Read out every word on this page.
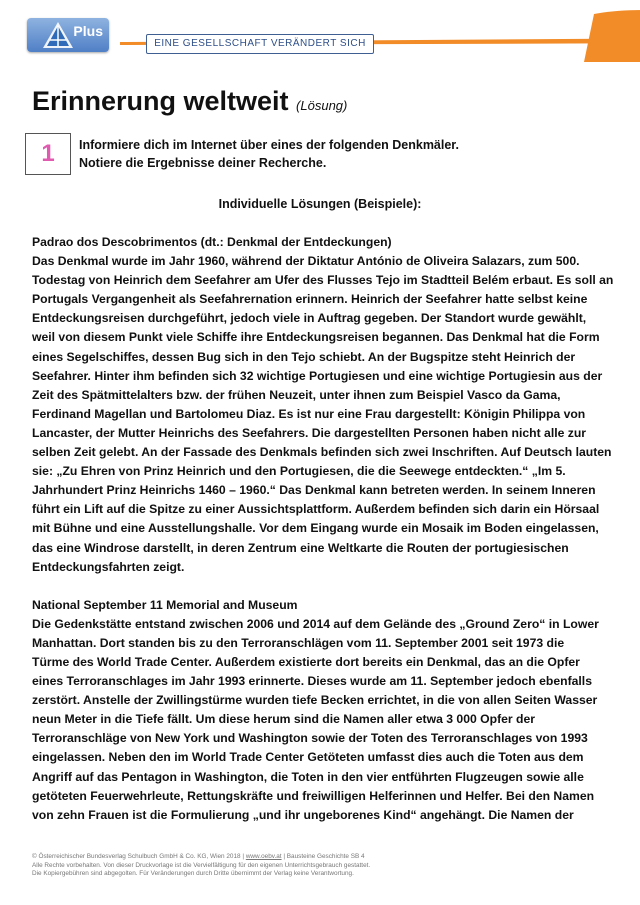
Plus
EINE GESELLSCHAFT VERÄNDERT SICH
Erinnerung weltweit (Lösung)
1	Informiere dich im Internet über eines der folgenden Denkmäler.
Notiere die Ergebnisse deiner Recherche.
Individuelle Lösungen (Beispiele):
Padrao dos Descobrimentos (dt.: Denkmal der Entdeckungen)
Das Denkmal wurde im Jahr 1960, während der Diktatur António de Oliveira Salazars, zum 500.
Todestag von Heinrich dem Seefahrer am Ufer des Flusses Tejo im Stadtteil Belém erbaut. Es soll an
Portugals Vergangenheit als Seefahrernation erinnern. Heinrich der Seefahrer hatte selbst keine
Entdeckungsreisen durchgeführt, jedoch viele in Auftrag gegeben. Der Standort wurde gewählt,
weil von diesem Punkt viele Schiffe ihre Entdeckungsreisen begannen. Das Denkmal hat die Form
eines Segelschiffes, dessen Bug sich in den Tejo schiebt. An der Bugspitze steht Heinrich der
Seefahrer. Hinter ihm befinden sich 32 wichtige Portugiesen und eine wichtige Portugiesin aus der
Zeit des Spätmittelalters bzw. der frühen Neuzeit, unter ihnen zum Beispiel Vasco da Gama,
Ferdinand Magellan und Bartolomeu Diaz. Es ist nur eine Frau dargestellt: Königin Philippa von
Lancaster, der Mutter Heinrichs des Seefahrers. Die dargestellten Personen haben nicht alle zur
selben Zeit gelebt. An der Fassade des Denkmals befinden sich zwei Inschriften. Auf Deutsch lauten
sie: „Zu Ehren von Prinz Heinrich und den Portugiesen, die die Seewege entdeckten.“ „Im 5.
Jahrhundert Prinz Heinrichs 1460 – 1960.“ Das Denkmal kann betreten werden. In seinem Inneren
führt ein Lift auf die Spitze zu einer Aussichtsplattform. Außerdem befinden sich darin ein Hörsaal
mit Bühne und eine Ausstellungshalle. Vor dem Eingang wurde ein Mosaik im Boden eingelassen,
das eine Windrose darstellt, in deren Zentrum eine Weltkarte die Routen der portugiesischen
Entdeckungsfahrten zeigt.
National September 11 Memorial and Museum
Die Gedenkstätte entstand zwischen 2006 und 2014 auf dem Gelände des „Ground Zero“ in Lower
Manhattan. Dort standen bis zu den Terroranschlägen vom 11. September 2001 seit 1973 die
Türme des World Trade Center. Außerdem existierte dort bereits ein Denkmal, das an die Opfer
eines Terroranschlages im Jahr 1993 erinnerte. Dieses wurde am 11. September jedoch ebenfalls
zerstört. Anstelle der Zwillingstürme wurden tiefe Becken errichtet, in die von allen Seiten Wasser
neun Meter in die Tiefe fällt. Um diese herum sind die Namen aller etwa 3 000 Opfer der
Terroranschläge von New York und Washington sowie der Toten des Terroranschlages von 1993
eingelassen. Neben den im World Trade Center Getöteten umfasst dies auch die Toten aus dem
Angriff auf das Pentagon in Washington, die Toten in den vier entführten Flugzeugen sowie alle
getöteten Feuerwehrleute, Rettungskräfte und freiwilligen Helferinnen und Helfer. Bei den Namen
von zehn Frauen ist die Formulierung „und ihr ungeborenes Kind“ angehängt. Die Namen der
© Österreichischer Bundesverlag Schulbuch GmbH & Co. KG, Wien 2018 | www.oebv.at | Bausteine Geschichte SB 4
Alle Rechte vorbehalten. Von dieser Druckvorlage ist die Vervielfältigung für den eigenen Unterrichtsgebrauch gestattet.
Die Kopiergebühren sind abgegolten. Für Veränderungen durch Dritte übernimmt der Verlag keine Verantwortung.
